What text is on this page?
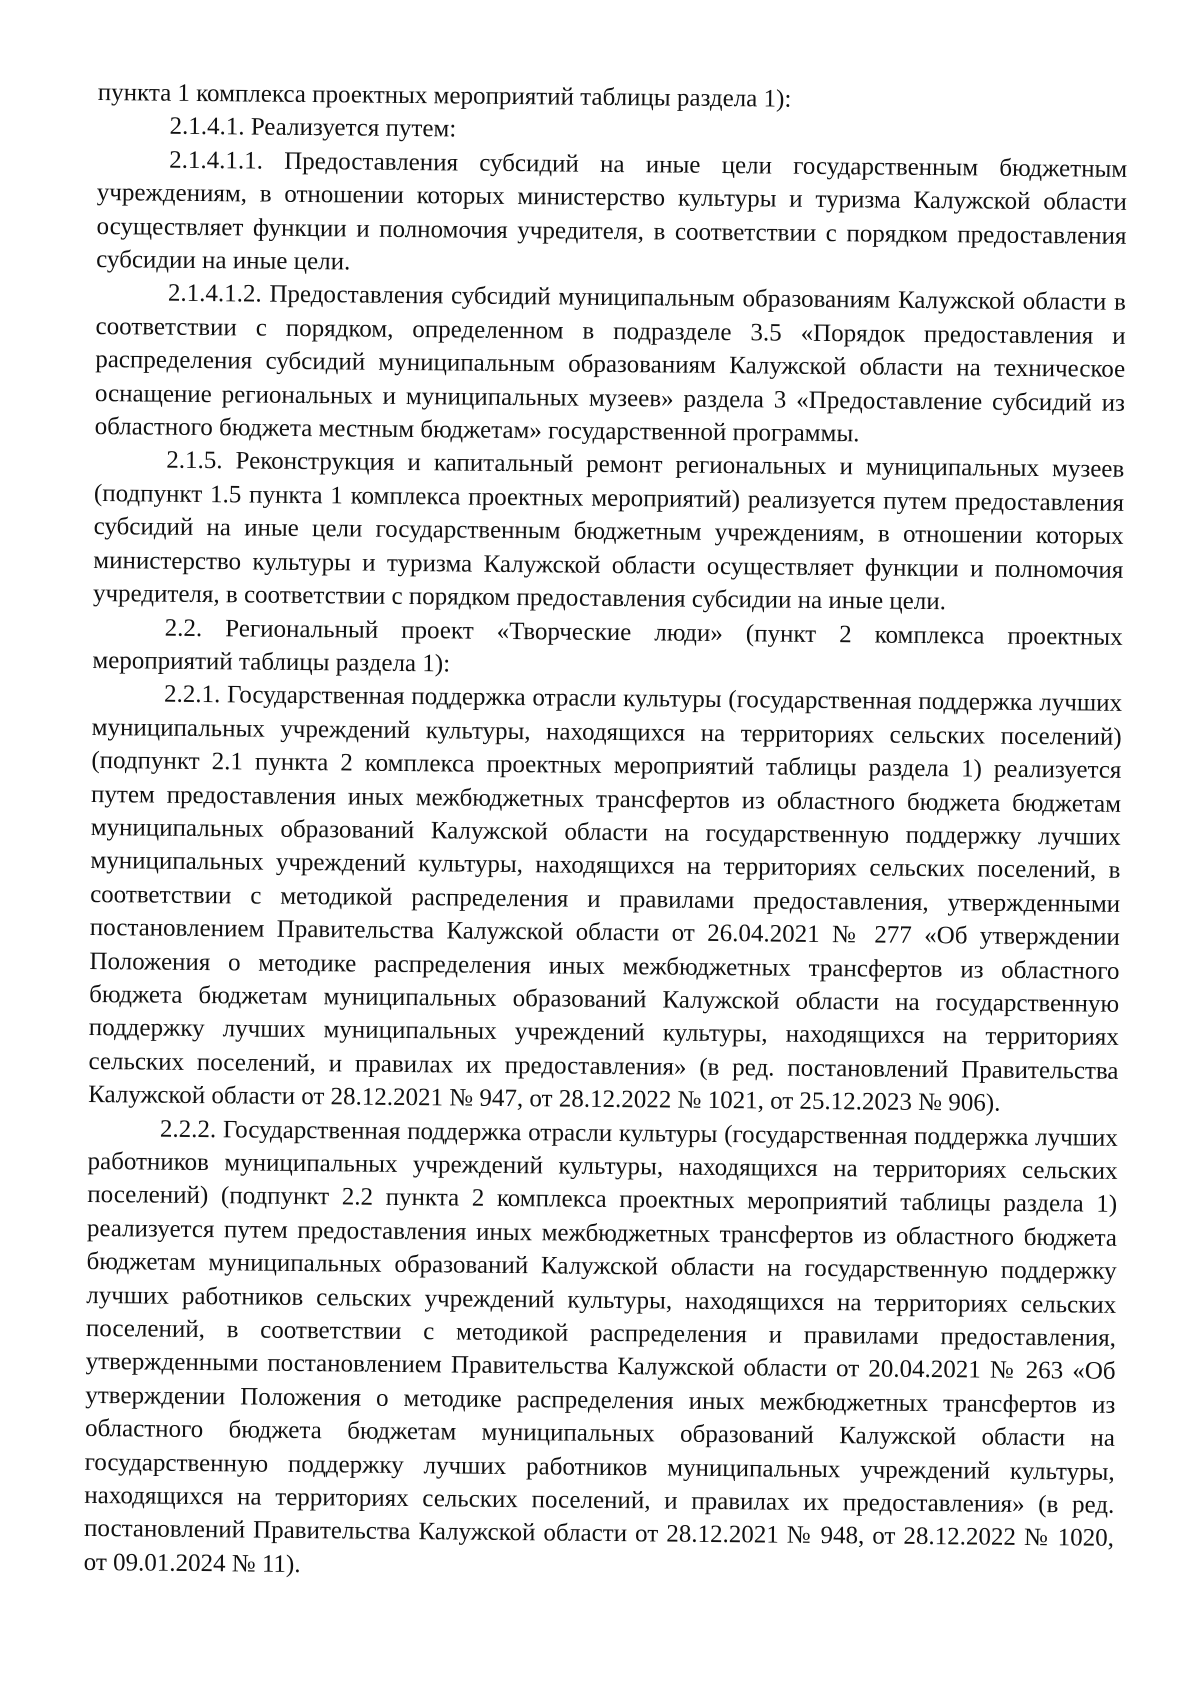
пункта 1 комплекса проектных мероприятий таблицы раздела 1):

2.1.4.1. Реализуется путем:

2.1.4.1.1. Предоставления субсидий на иные цели государственным бюджетным учреждениям, в отношении которых министерство культуры и туризма Калужской области осуществляет функции и полномочия учредителя, в соответствии с порядком предоставления субсидии на иные цели.

2.1.4.1.2. Предоставления субсидий муниципальным образованиям Калужской области в соответствии с порядком, определенном в подразделе 3.5 «Порядок предоставления и распределения субсидий муниципальным образованиям Калужской области на техническое оснащение региональных и муниципальных музеев» раздела 3 «Предоставление субсидий из областного бюджета местным бюджетам» государственной программы.

2.1.5. Реконструкция и капитальный ремонт региональных и муниципальных музеев (подпункт 1.5 пункта 1 комплекса проектных мероприятий) реализуется путем предоставления субсидий на иные цели государственным бюджетным учреждениям, в отношении которых министерство культуры и туризма Калужской области осуществляет функции и полномочия учредителя, в соответствии с порядком предоставления субсидии на иные цели.

2.2. Региональный проект «Творческие люди» (пункт 2 комплекса проектных мероприятий таблицы раздела 1):

2.2.1. Государственная поддержка отрасли культуры (государственная поддержка лучших муниципальных учреждений культуры, находящихся на территориях сельских поселений) (подпункт 2.1 пункта 2 комплекса проектных мероприятий таблицы раздела 1) реализуется путем предоставления иных межбюджетных трансфертов из областного бюджета бюджетам муниципальных образований Калужской области на государственную поддержку лучших муниципальных учреждений культуры, находящихся на территориях сельских поселений, в соответствии с методикой распределения и правилами предоставления, утвержденными постановлением Правительства Калужской области от 26.04.2021 № 277 «Об утверждении Положения о методике распределения иных межбюджетных трансфертов из областного бюджета бюджетам муниципальных образований Калужской области на государственную поддержку лучших муниципальных учреждений культуры, находящихся на территориях сельских поселений, и правилах их предоставления» (в ред. постановлений Правительства Калужской области от 28.12.2021 № 947, от 28.12.2022 № 1021, от 25.12.2023 № 906).

2.2.2. Государственная поддержка отрасли культуры (государственная поддержка лучших работников муниципальных учреждений культуры, находящихся на территориях сельских поселений) (подпункт 2.2 пункта 2 комплекса проектных мероприятий таблицы раздела 1) реализуется путем предоставления иных межбюджетных трансфертов из областного бюджета бюджетам муниципальных образований Калужской области на государственную поддержку лучших работников сельских учреждений культуры, находящихся на территориях сельских поселений, в соответствии с методикой распределения и правилами предоставления, утвержденными постановлением Правительства Калужской области от 20.04.2021 № 263 «Об утверждении Положения о методике распределения иных межбюджетных трансфертов из областного бюджета бюджетам муниципальных образований Калужской области на государственную поддержку лучших работников муниципальных учреждений культуры, находящихся на территориях сельских поселений, и правилах их предоставления» (в ред. постановлений Правительства Калужской области от 28.12.2021 № 948, от 28.12.2022 № 1020, от 09.01.2024 № 11).
